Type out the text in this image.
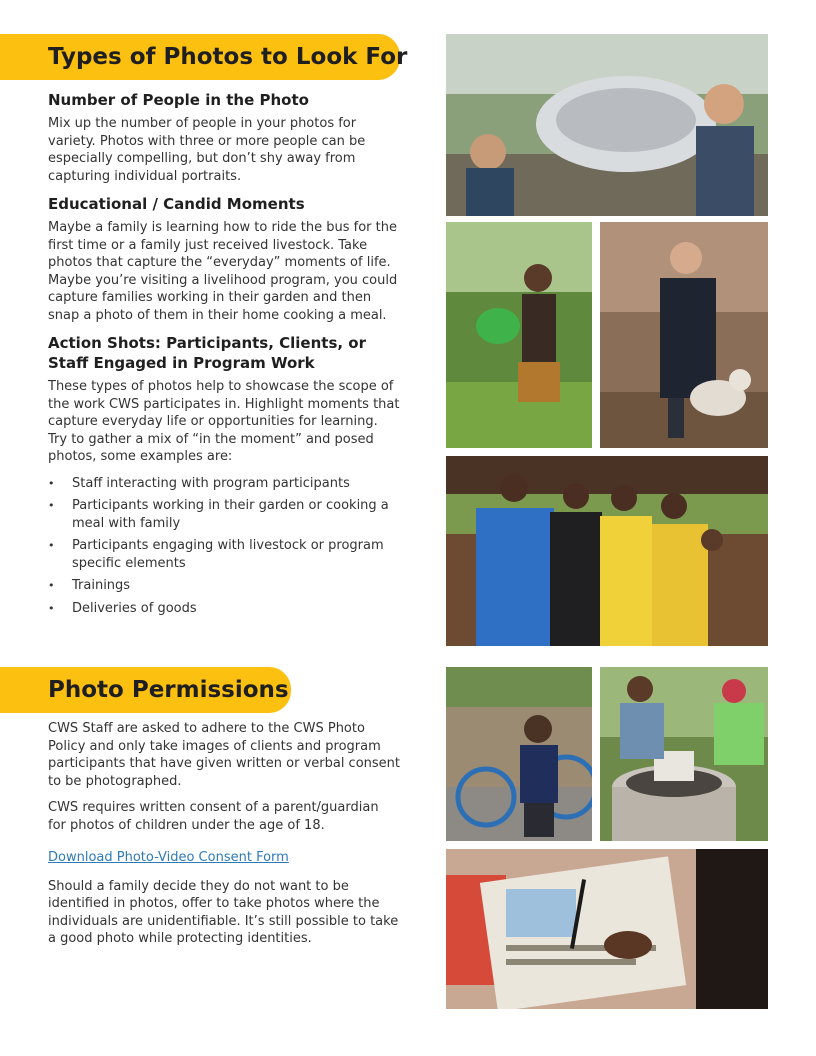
Types of Photos to Look For
Number of People in the Photo

Mix up the number of people in your photos for variety. Photos with three or more people can be especially compelling, but don’t shy away from capturing individual portraits.

Educational / Candid Moments

Maybe a family is learning how to ride the bus for the first time or a family just received livestock. Take photos that capture the “everyday” moments of life. Maybe you’re visiting a livelihood program, you could capture families working in their garden and then snap a photo of them in their home cooking a meal.

Action Shots: Participants, Clients, or Staff Engaged in Program Work

These types of photos help to showcase the scope of the work CWS participates in. Highlight moments that capture everyday life or opportunities for learning. Try to gather a mix of “in the moment” and posed photos, some examples are:

• Staff interacting with program participants
• Participants working in their garden or cooking a meal with family
• Participants engaging with livestock or program specific elements
• Trainings
• Deliveries of goods
Photo Permissions

CWS Staff are asked to adhere to the CWS Photo Policy and only take images of clients and program participants that have given written or verbal consent to be photographed.

CWS requires written consent of a parent/guardian for photos of children under the age of 18.

Download Photo-Video Consent Form

Should a family decide they do not want to be identified in photos, offer to take photos where the individuals are unidentifiable. It’s still possible to take a good photo while protecting identities.
